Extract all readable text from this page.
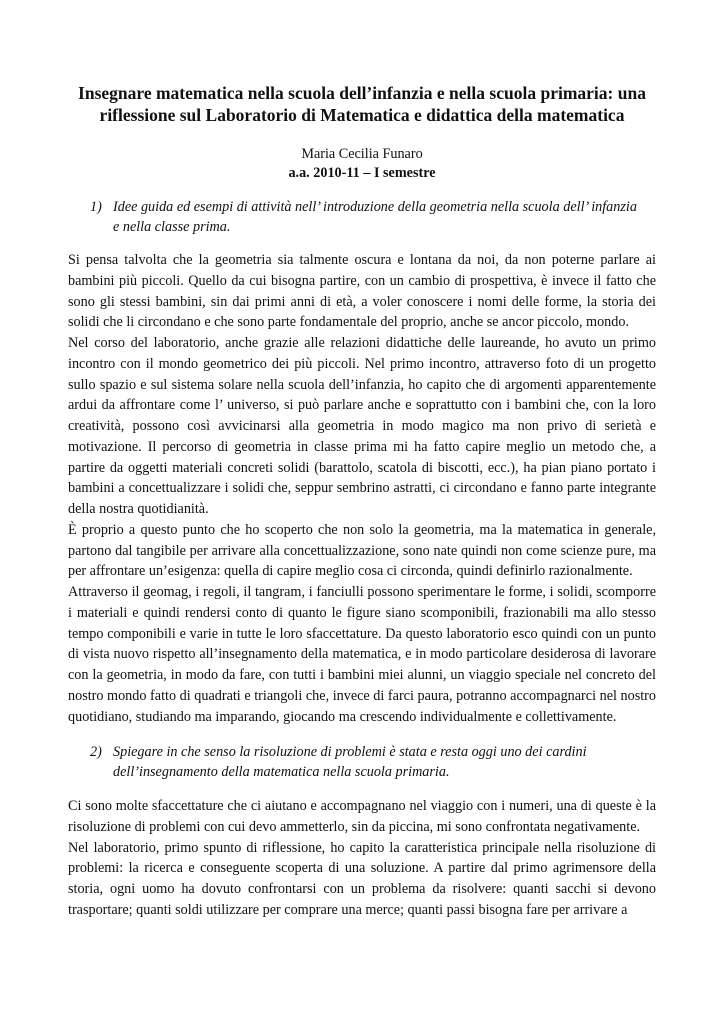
Insegnare matematica nella scuola dell’infanzia e nella scuola primaria: una
riflessione sul Laboratorio di Matematica e didattica della matematica

Maria Cecilia Funaro

a.a. 2010-11 – I semestre

1) Idee guida ed esempi di attività nell’ introduzione della geometria nella scuola dell’ infanzia
e nella classe prima.

Si pensa talvolta che la geometria sia talmente oscura e lontana da noi, da non poterne parlare ai bambini più piccoli. Quello da cui bisogna partire, con un cambio di prospettiva, è invece il fatto che sono gli stessi bambini, sin dai primi anni di età, a voler conoscere i nomi delle forme, la storia dei solidi che li circondano e che sono parte fondamentale del proprio, anche se ancor piccolo, mondo.

Nel corso del laboratorio, anche grazie alle relazioni didattiche delle laureande, ho avuto un primo incontro con il mondo geometrico dei più piccoli. Nel primo incontro, attraverso foto di un progetto sullo spazio e sul sistema solare nella scuola dell’infanzia, ho capito che di argomenti apparentemente ardui da affrontare come l’ universo, si può parlare anche e soprattutto con i bambini che, con la loro creatività, possono così avvicinarsi alla geometria in modo magico ma non privo di serietà e motivazione. Il percorso di geometria in classe prima mi ha fatto capire meglio un metodo che, a partire da oggetti materiali concreti solidi (barattolo, scatola di biscotti, ecc.), ha pian piano portato i bambini a concettualizzare i solidi che, seppur sembrino astratti, ci circondano e fanno parte integrante della nostra quotidianità.

È proprio a questo punto che ho scoperto che non solo la geometria, ma la matematica in generale, partono dal tangibile per arrivare alla concettualizzazione, sono nate quindi non come scienze pure, ma per affrontare un’esigenza: quella di capire meglio cosa ci circonda, quindi definirlo razionalmente.

Attraverso il geomag, i regoli, il tangram, i fanciulli possono sperimentare le forme, i solidi, scomporre i materiali e quindi rendersi conto di quanto le figure siano scomponibili, frazionabili ma allo stesso tempo componibili e varie in tutte le loro sfaccettature. Da questo laboratorio esco quindi con un punto di vista nuovo rispetto all’insegnamento della matematica, e in modo particolare desiderosa di lavorare con la geometria, in modo da fare, con tutti i bambini miei alunni, un viaggio speciale nel concreto del nostro mondo fatto di quadrati e triangoli che, invece di farci paura, potranno accompagnarci nel nostro quotidiano, studiando ma imparando, giocando ma crescendo individualmente e collettivamente.

2) Spiegare in che senso la risoluzione di problemi è stata e resta oggi uno dei cardini
dell’insegnamento della matematica nella scuola primaria.

Ci sono molte sfaccettature che ci aiutano e accompagnano nel viaggio con i numeri, una di queste è la risoluzione di problemi con cui devo ammetterlo, sin da piccina, mi sono confrontata negativamente.

Nel laboratorio, primo spunto di riflessione, ho capito la caratteristica principale nella risoluzione di problemi: la ricerca e conseguente scoperta di una soluzione. A partire dal primo agrimensore della storia, ogni uomo ha dovuto confrontarsi con un problema da risolvere: quanti sacchi si devono trasportare; quanti soldi utilizzare per comprare una merce; quanti passi bisogna fare per arrivare a
